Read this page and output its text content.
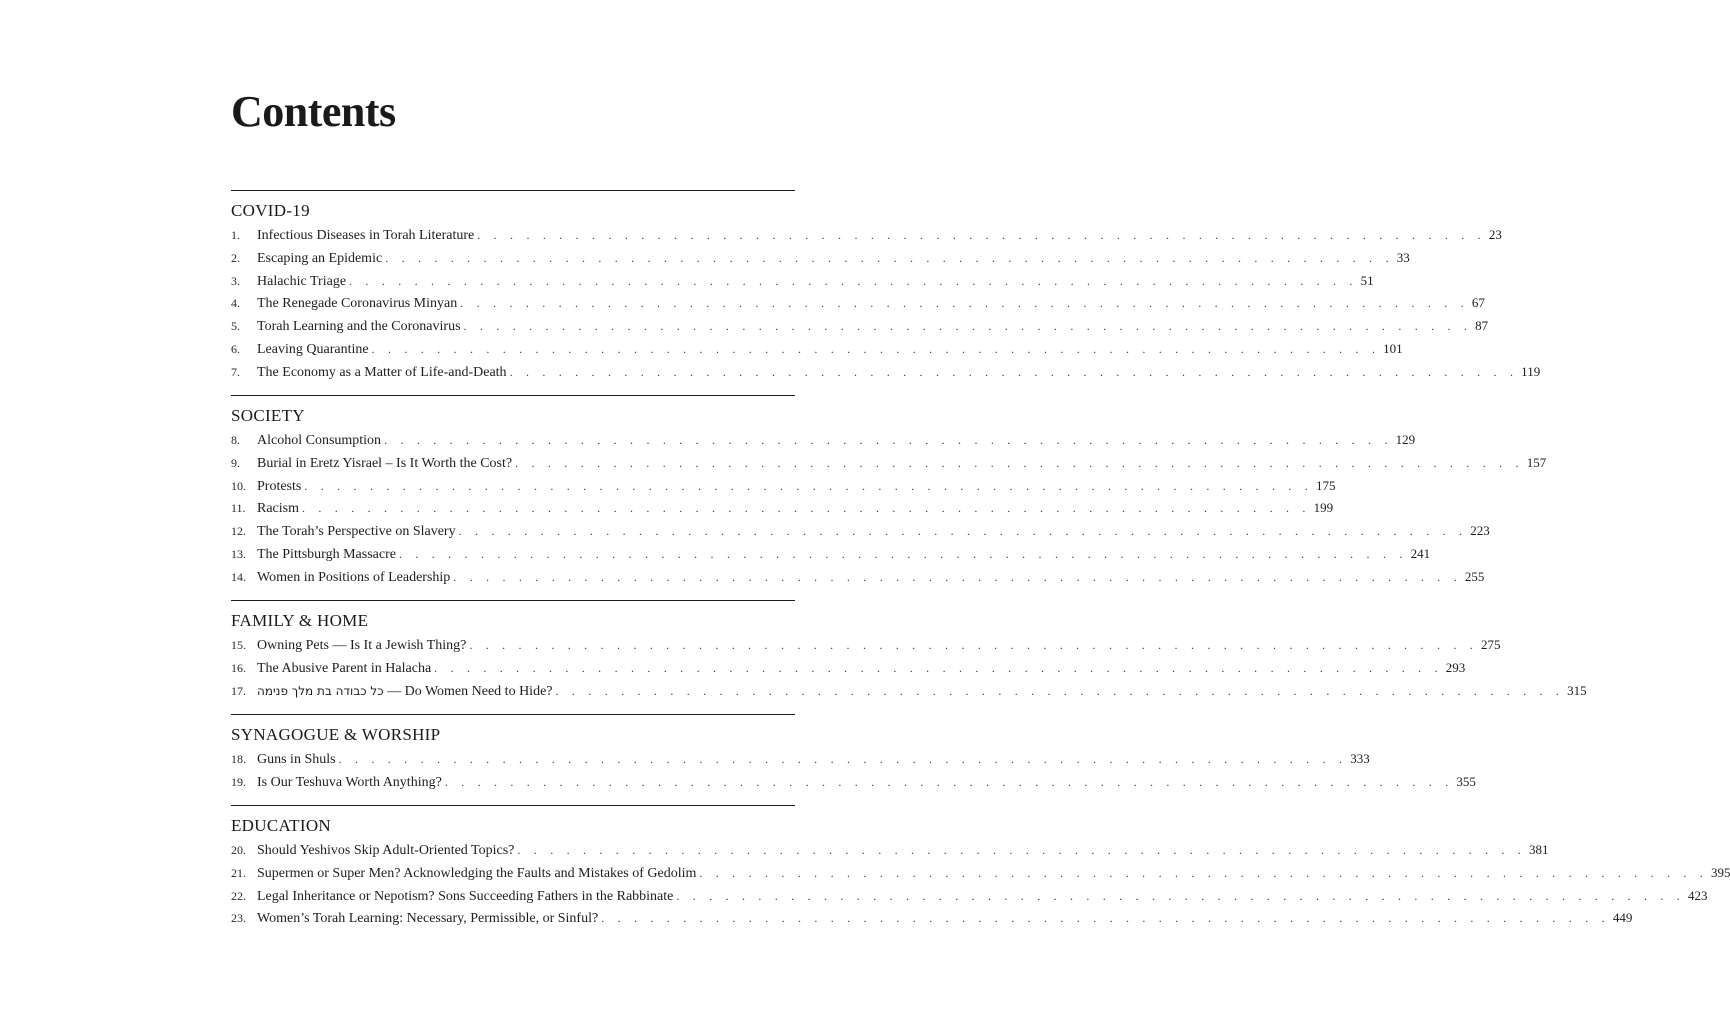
Contents
COVID-19
1.	Infectious Diseases in Torah Literature . . . . . . . . . . . . . . . . . . . . . . . . . . . . . . . . . . . . . . . . . . . . . . . . . . . . . . . . . . . . . . 23
2.	Escaping an Epidemic . . . . . . . . . . . . . . . . . . . . . . . . . . . . . . . . . . . . . . . . . . . . . . . . . . . . . . . . . . . . . . 33
3.	Halachic Triage . . . . . . . . . . . . . . . . . . . . . . . . . . . . . . . . . . . . . . . . . . . . . . . . . . . . . . . . . . . . . . 51
4.	The Renegade Coronavirus Minyan . . . . . . . . . . . . . . . . . . . . . . . . . . . . . . . . . . . . . . . . . . . . . . . . . . . . . . . . . . . . . . 67
5.	Torah Learning and the Coronavirus . . . . . . . . . . . . . . . . . . . . . . . . . . . . . . . . . . . . . . . . . . . . . . . . . . . . . . . . . . . . . . 87
6.	Leaving Quarantine . . . . . . . . . . . . . . . . . . . . . . . . . . . . . . . . . . . . . . . . . . . . . . . . . . . . . . . . . . . . . . 101
7.	The Economy as a Matter of Life-and-Death . . . . . . . . . . . . . . . . . . . . . . . . . . . . . . . . . . . . . . . . . . . . . . . . . . . . . . . . . . . . . . 119
SOCIETY
8.	Alcohol Consumption . . . . . . . . . . . . . . . . . . . . . . . . . . . . . . . . . . . . . . . . . . . . . . . . . . . . . . . . . . . . . . 129
9.	Burial in Eretz Yisrael – Is It Worth the Cost? . . . . . . . . . . . . . . . . . . . . . . . . . . . . . . . . . . . . . . . . . . . . . . . . . . . . . . . . . . . . . . 157
10. Protests . . . . . . . . . . . . . . . . . . . . . . . . . . . . . . . . . . . . . . . . . . . . . . . . . . . . . . . . . . . . . . 175
11. Racism . . . . . . . . . . . . . . . . . . . . . . . . . . . . . . . . . . . . . . . . . . . . . . . . . . . . . . . . . . . . . . 199
12. The Torah’s Perspective on Slavery . . . . . . . . . . . . . . . . . . . . . . . . . . . . . . . . . . . . . . . . . . . . . . . . . . . . . . . . . . . . . . 223
13. The Pittsburgh Massacre . . . . . . . . . . . . . . . . . . . . . . . . . . . . . . . . . . . . . . . . . . . . . . . . . . . . . . . . . . . . . . 241
14. Women in Positions of Leadership . . . . . . . . . . . . . . . . . . . . . . . . . . . . . . . . . . . . . . . . . . . . . . . . . . . . . . . . . . . . . . 255
FAMILY & HOME
15. Owning Pets — Is It a Jewish Thing? . . . . . . . . . . . . . . . . . . . . . . . . . . . . . . . . . . . . . . . . . . . . . . . . . . . . . . . . . . . . . . 275
16. The Abusive Parent in Halacha . . . . . . . . . . . . . . . . . . . . . . . . . . . . . . . . . . . . . . . . . . . . . . . . . . . . . . . . . . . . . . 293
17. כל כבודה בת מלך פנימה — Do Women Need to Hide? . . . . . . . . . . . . . . . . . . . . . . . . . . . . . . . . . . . . . . . . . . . . . . . . . . . . . . . . . . . . . . 315
SYNAGOGUE & WORSHIP
18. Guns in Shuls . . . . . . . . . . . . . . . . . . . . . . . . . . . . . . . . . . . . . . . . . . . . . . . . . . . . . . . . . . . . . . 333
19. Is Our Teshuva Worth Anything? . . . . . . . . . . . . . . . . . . . . . . . . . . . . . . . . . . . . . . . . . . . . . . . . . . . . . . . . . . . . . . 355
EDUCATION
20. Should Yeshivos Skip Adult-Oriented Topics? . . . . . . . . . . . . . . . . . . . . . . . . . . . . . . . . . . . . . . . . . . . . . . . . . . . . . . . . . . . . . . 381
21. Supermen or Super Men? Acknowledging the Faults and Mistakes of Gedolim . . . . . . . . . . . . . . . . . . . . . . . . . . . . . . . . . . . . . . . . . . . . . . . . . . . . . . . . . . . . . . 395
22. Legal Inheritance or Nepotism? Sons Succeeding Fathers in the Rabbinate . . . . . . . . . . . . . . . . . . . . . . . . . . . . . . . . . . . . . . . . . . . . . . . . . . . . . . . . . . . . . . 423
23. Women’s Torah Learning: Necessary, Permissible, or Sinful? . . . . . . . . . . . . . . . . . . . . . . . . . . . . . . . . . . . . . . . . . . . . . . . . . . . . . . . . . . . . . . 449
